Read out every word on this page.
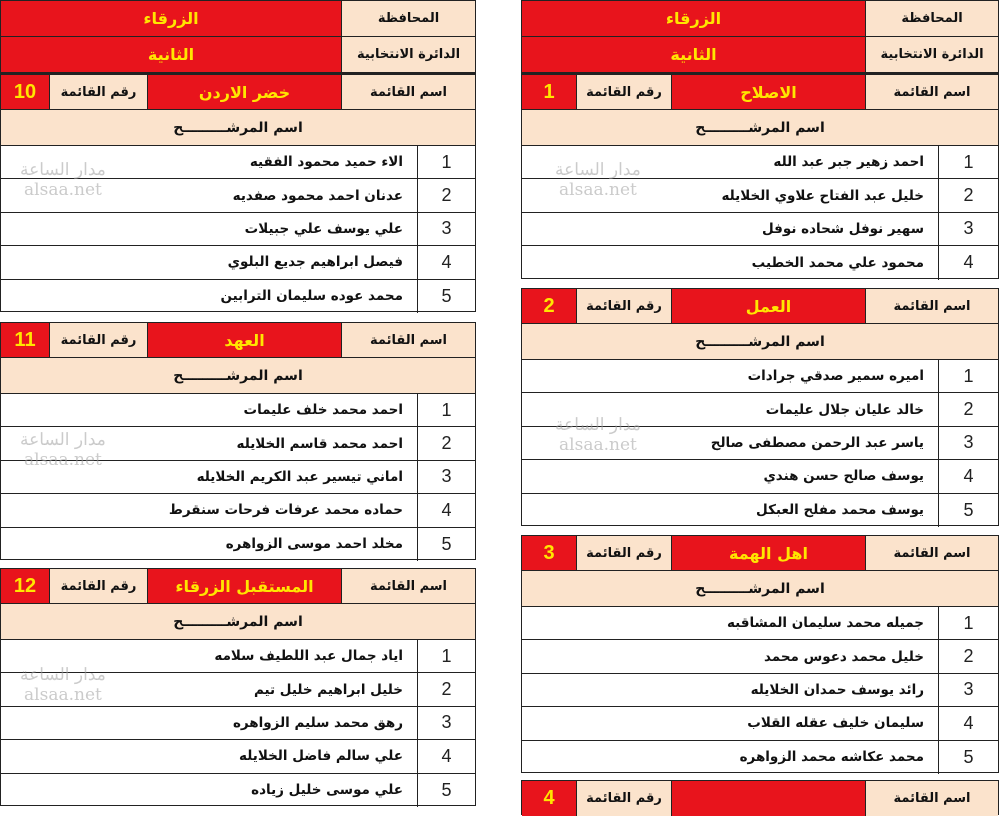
المحافظة
الزرقاء
الدائرة الانتخابية
الثانية
اسم القائمة
خضر الاردن
رقم القائمة
10
اسم المرشـــــــــح
1
الاء حميد محمود الفقيه
2
عدنان احمد محمود صفديه
3
علي يوسف علي جبيلات
4
فيصل ابراهيم جديع البلوي
5
محمد عوده سليمان الترابين
اسم القائمة
العهد
رقم القائمة
11
اسم المرشـــــــــح
1
احمد محمد خلف عليمات
2
احمد محمد قاسم الخلايله
3
اماني تيسير عبد الكريم الخلايله
4
حماده محمد عرفات فرحات سنقرط
5
مخلد احمد موسى الزواهره
اسم القائمة
المستقبل الزرقاء
رقم القائمة
12
اسم المرشـــــــــح
1
اياد جمال عبد اللطيف سلامه
2
خليل ابراهيم خليل تيم
3
رهق محمد سليم الزواهره
4
علي سالم فاضل الخلايله
5
علي موسى خليل زياده
المحافظة
الزرقاء
الدائرة الانتخابية
الثانية
اسم القائمة
الاصلاح
رقم القائمة
1
اسم المرشـــــــــح
1
احمد زهير جبر عبد الله
2
خليل عبد الفتاح علاوي الخلايله
3
سهير نوفل شحاده نوفل
4
محمود علي محمد الخطيب
اسم القائمة
العمل
رقم القائمة
2
اسم المرشـــــــــح
1
اميره سمير صدقي جرادات
2
خالد عليان جلال عليمات
3
ياسر عبد الرحمن مصطفى صالح
4
يوسف صالح حسن هندي
5
يوسف محمد مفلح العبكل
اسم القائمة
اهل الهمة
رقم القائمة
3
اسم المرشـــــــــح
1
جميله محمد سليمان المشاقبه
2
خليل محمد دعوس محمد
3
رائد يوسف حمدان الخلايله
4
سليمان خليف عقله القلاب
5
محمد عكاشه محمد الزواهره
اسم القائمة
رقم القائمة
4
مدار الساعة
alsaa.net
مدار الساعة
alsaa.net
مدار الساعة
alsaa.net
مدار الساعة
alsaa.net
مدار الساعة
alsaa.net
